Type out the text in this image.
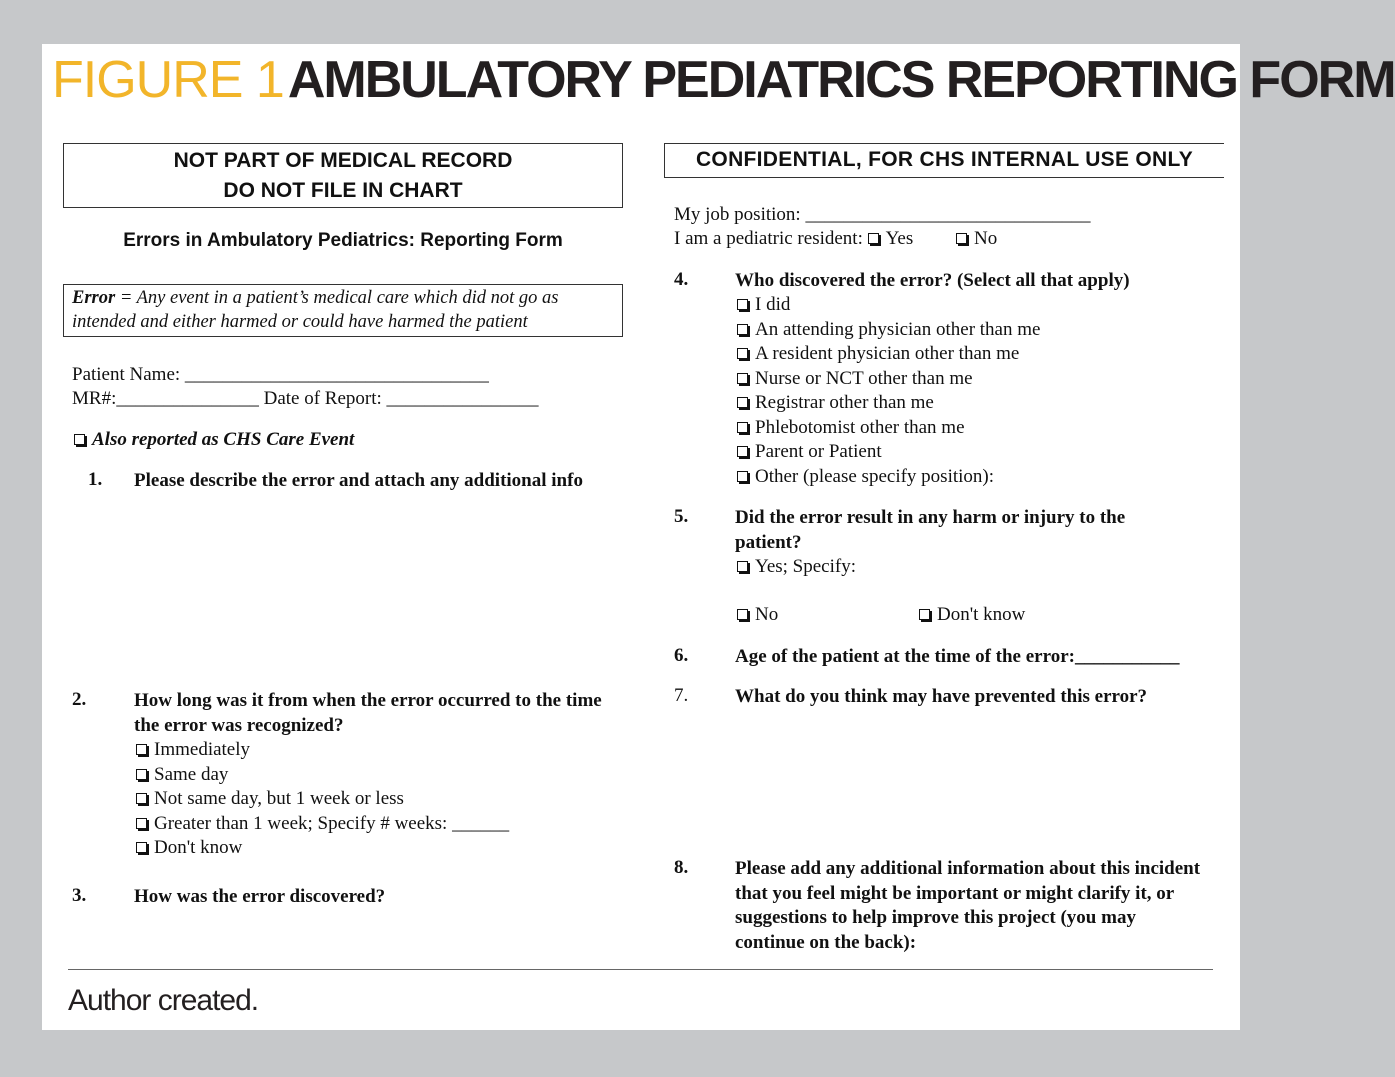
FIGURE 1 AMBULATORY PEDIATRICS REPORTING FORM
NOT PART OF MEDICAL RECORD
DO NOT FILE IN CHART
Errors in Ambulatory Pediatrics: Reporting Form
Error = Any event in a patient’s medical care which did not go as intended and either harmed or could have harmed the patient
Patient Name: ________________________________
MR#:_______________ Date of Report: ________________
Also reported as CHS Care Event
1. Please describe the error and attach any additional info
2.	How long was it from when the error occurred to the time the error was recognized?
Immediately
Same day
Not same day, but 1 week or less
Greater than 1 week; Specify # weeks: ______
Don't know
3.	How was the error discovered?
CONFIDENTIAL, FOR CHS INTERNAL USE ONLY
My job position: ______________________________
I am a pediatric resident: Yes	No
4. Who discovered the error? (Select all that apply)
I did
An attending physician other than me
A resident physician other than me
Nurse or NCT other than me
Registrar other than me
Phlebotomist other than me
Parent or Patient
Other (please specify position):
5. Did the error result in any harm or injury to the patient?
Yes; Specify:
No	Don't know
6. Age of the patient at the time of the error:___________
7. What do you think may have prevented this error?
8. Please add any additional information about this incident that you feel might be important or might clarify it, or suggestions to help improve this project (you may continue on the back):
Author created.
